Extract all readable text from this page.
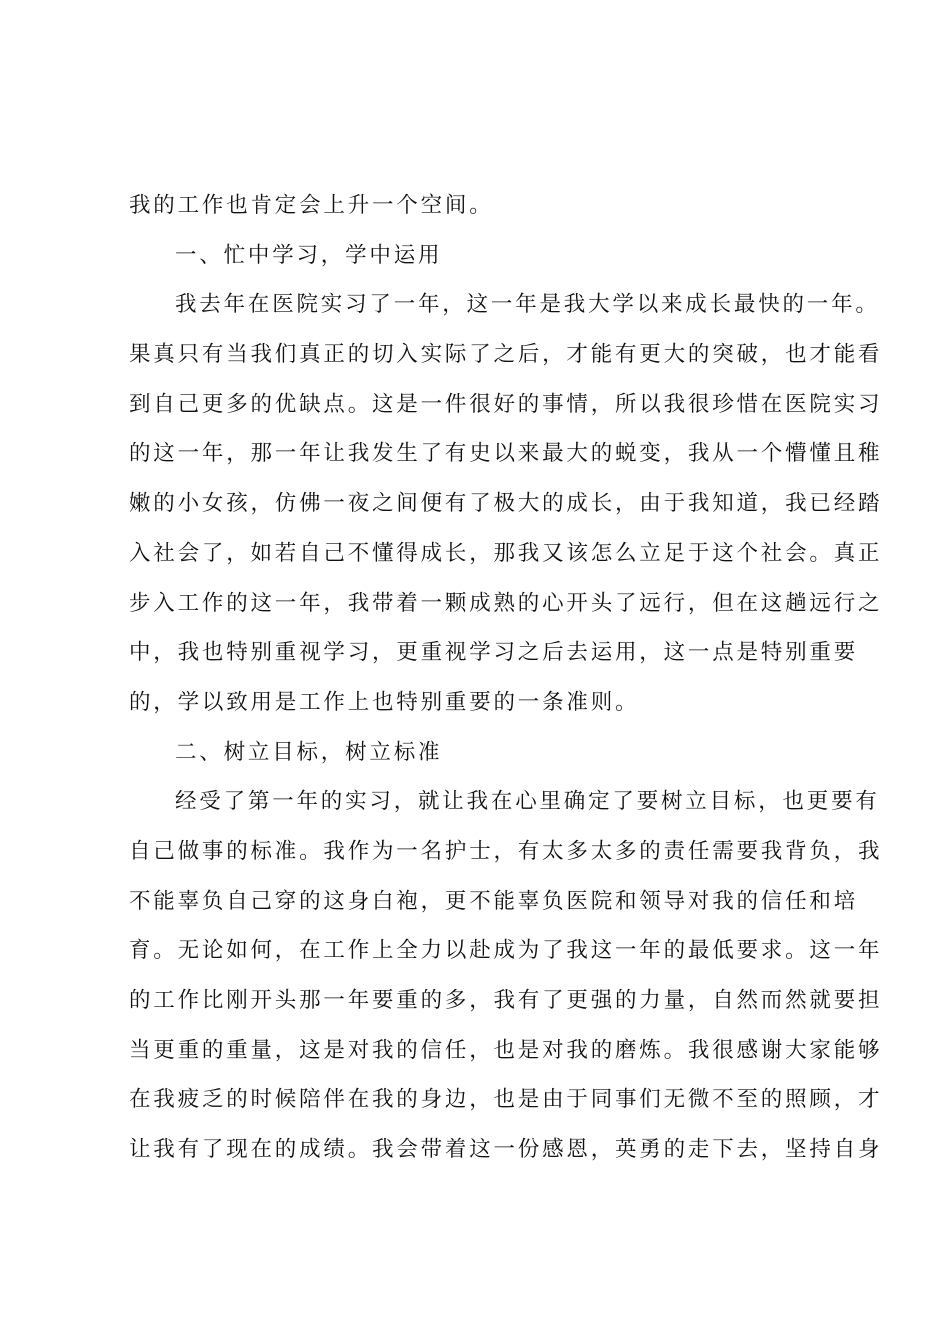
我的工作也肯定会上升一个空间。
一、忙中学习，学中运用
我去年在医院实习了一年，这一年是我大学以来成长最快的一年。
果真只有当我们真正的切入实际了之后，才能有更大的突破，也才能看
到自己更多的优缺点。这是一件很好的事情，所以我很珍惜在医院实习
的这一年，那一年让我发生了有史以来最大的蜕变，我从一个懵懂且稚
嫩的小女孩，仿佛一夜之间便有了极大的成长，由于我知道，我已经踏
入社会了，如若自己不懂得成长，那我又该怎么立足于这个社会。真正
步入工作的这一年，我带着一颗成熟的心开头了远行，但在这趟远行之
中，我也特别重视学习，更重视学习之后去运用，这一点是特别重要
的，学以致用是工作上也特别重要的一条准则。
二、树立目标，树立标准
经受了第一年的实习，就让我在心里确定了要树立目标，也更要有
自己做事的标准。我作为一名护士，有太多太多的责任需要我背负，我
不能辜负自己穿的这身白袍，更不能辜负医院和领导对我的信任和培
育。无论如何，在工作上全力以赴成为了我这一年的最低要求。这一年
的工作比刚开头那一年要重的多，我有了更强的力量，自然而然就要担
当更重的重量，这是对我的信任，也是对我的磨炼。我很感谢大家能够
在我疲乏的时候陪伴在我的身边，也是由于同事们无微不至的照顾，才
让我有了现在的成绩。我会带着这一份感恩，英勇的走下去，坚持自身
